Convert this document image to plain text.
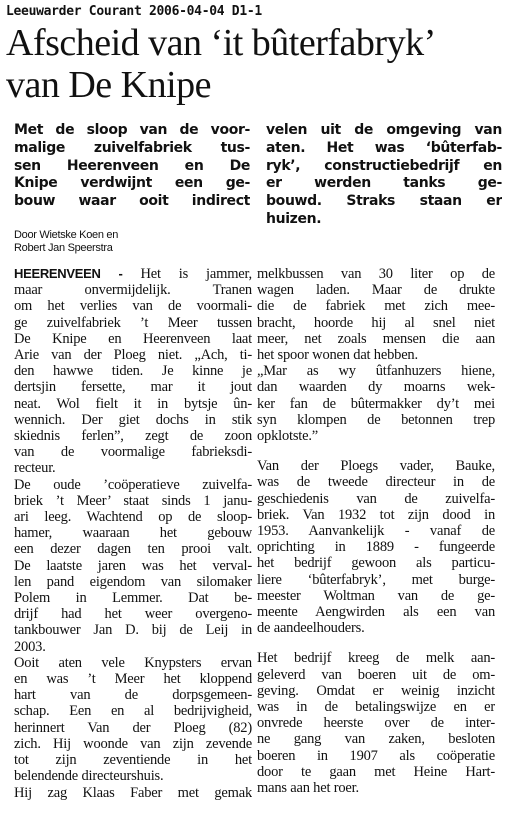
Leeuwarder Courant 2006-04-04 D1-1
Afscheid van ‘it bûterfabryk’
van De Knipe
Met de sloop van de voor-
malige zuivelfabriek tus-
sen Heerenveen en De
Knipe verdwijnt een ge-
bouw waar ooit indirect
velen uit de omgeving van
aten. Het was ‘bûterfab-
ryk’, constructiebedrijf en
er werden tanks ge-
bouwd. Straks staan er
huizen.
Door Wietske Koen en
Robert Jan Speerstra
HEERENVEEN - Het is jammer,
maar onvermijdelijk. Tranen
om het verlies van de voormali-
ge zuivelfabriek ’t Meer tussen
De Knipe en Heerenveen laat
Arie van der Ploeg niet. „Ach, ti-
den hawwe tiden. Je kinne je
dertsjin fersette, mar it jout
neat. Wol fielt it in bytsje ûn-
wennich. Der giet dochs in stik
skiednis ferlen”, zegt de zoon
van de voormalige fabrieksdi-
recteur.
De oude ’coöperatieve zuivelfa-
briek ’t Meer’ staat sinds 1 janu-
ari leeg. Wachtend op de sloop-
hamer, waaraan het gebouw
een dezer dagen ten prooi valt.
De laatste jaren was het verval-
len pand eigendom van silomaker
Polem in Lemmer. Dat be-
drijf had het weer overgeno-
tankbouwer Jan D. bij de Leij in
2003.
Ooit aten vele Knypsters ervan
en was ’t Meer het kloppend
hart van de dorpsgemeen-
schap. Een en al bedrijvigheid,
herinnert Van der Ploeg (82)
zich. Hij woonde van zijn zevende
tot zijn zeventiende in het
belendende directeurshuis.
Hij zag Klaas Faber met gemak
melkbussen van 30 liter op de
wagen laden. Maar de drukte
die de fabriek met zich mee-
bracht, hoorde hij al snel niet
meer, net zoals mensen die aan
het spoor wonen dat hebben.
„Mar as wy ûtfanhuzers hiene,
dan waarden dy moarns wek-
ker fan de bûtermakker dy’t mei
syn klompen de betonnen trep
opklotste.”
Van der Ploegs vader, Bauke,
was de tweede directeur in de
geschiedenis van de zuivelfa-
briek. Van 1932 tot zijn dood in
1953. Aanvankelijk - vanaf de
oprichting in 1889 - fungeerde
het bedrijf gewoon als particu-
liere ‘bûterfabryk’, met burge-
meester Woltman van de ge-
meente Aengwirden als een van
de aandeelhouders.
Het bedrijf kreeg de melk aan-
geleverd van boeren uit de om-
geving. Omdat er weinig inzicht
was in de betalingswijze en er
onvrede heerste over de inter-
ne gang van zaken, besloten
boeren in 1907 als coöperatie
door te gaan met Heine Hart-
mans aan het roer.
